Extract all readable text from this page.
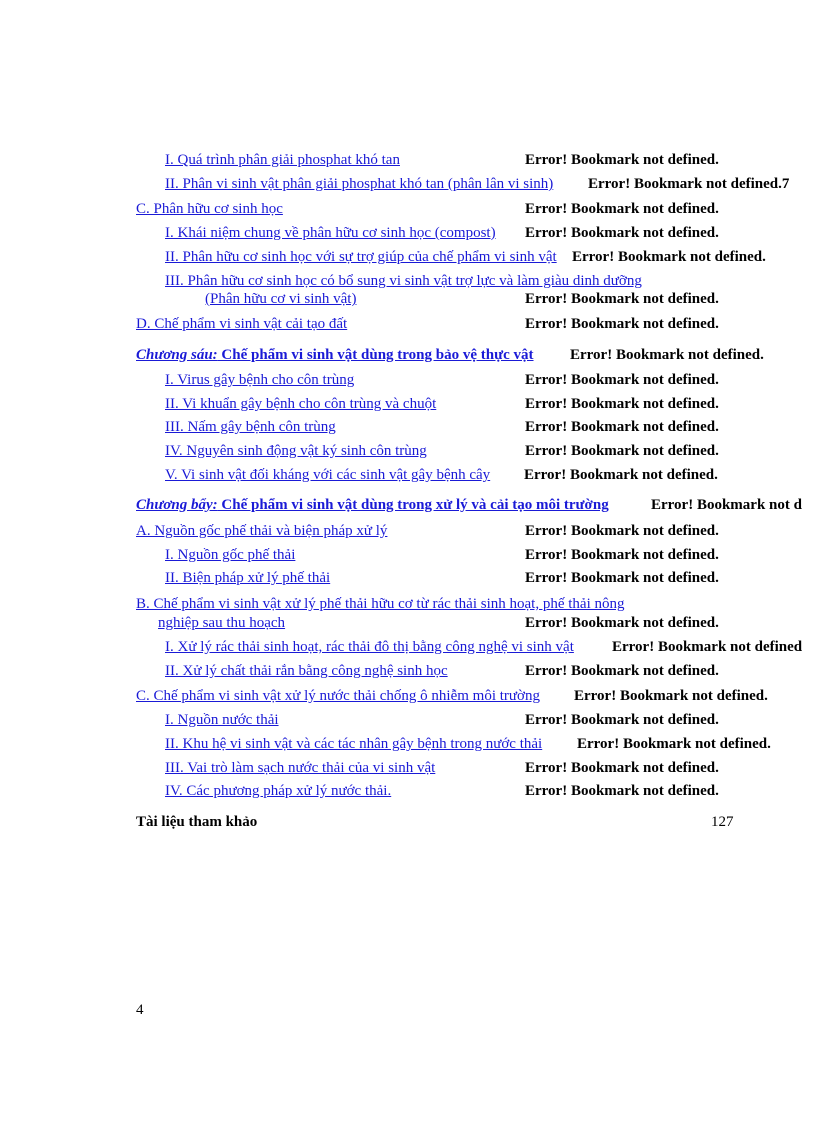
I. Quá trình phân giải phosphat khó tan	Error! Bookmark not defined.
II. Phân vi sinh vật phân giải phosphat khó tan (phân lân vi sinh) Error! Bookmark not defined.7
C. Phân hữu cơ sinh học	Error! Bookmark not defined.
I. Khái niệm chung về phân hữu cơ sinh học (compost) Error! Bookmark not defined.
II. Phân hữu cơ sinh học với sự trợ giúp của chế phẩm vi sinh vật Error! Bookmark not defined.
III. Phân hữu cơ sinh học có bổ sung vi sinh vật trợ lực và làm giàu dinh dưỡng
(Phân hữu cơ vi sinh vật)	Error! Bookmark not defined.
D. Chế phẩm vi sinh vật cải tạo đất	Error! Bookmark not defined.
Chương sáu: Chế phẩm vi sinh vật dùng trong bảo vệ thực vật Error! Bookmark not defined.
I. Virus gây bệnh cho côn trùng	Error! Bookmark not defined.
II. Vi khuẩn gây bệnh cho côn trùng và chuột	Error! Bookmark not defined.
III. Nấm gây bệnh côn trùng	Error! Bookmark not defined.
IV. Nguyên sinh động vật ký sinh côn trùng	Error! Bookmark not defined.
V. Vi sinh vật đối kháng với các sinh vật gây bệnh cây Error! Bookmark not defined.
Chương bẩy: Chế phẩm vi sinh vật dùng trong xử lý và cải tạo môi trường	Error! Bookmark not d
A. Nguồn gốc phế thải và biện pháp xử lý	Error! Bookmark not defined.
I. Nguồn gốc phế thải	Error! Bookmark not defined.
II. Biện pháp xử lý phế thải	Error! Bookmark not defined.
B. Chế phẩm vi sinh vật xử lý phế thải hữu cơ từ rác thải sinh hoạt, phế thải nông
nghiệp sau thu hoạch	Error! Bookmark not defined.
I. Xử lý rác thải sinh hoạt, rác thải đô thị bằng công nghệ vi sinh vật	Error! Bookmark not defined
II. Xử lý chất thải rắn bằng công nghệ sinh học	Error! Bookmark not defined.
C. Chế phẩm vi sinh vật xử lý nước thải chống ô nhiễm môi trường Error! Bookmark not defined.
I. Nguồn nước thải	Error! Bookmark not defined.
II. Khu hệ vi sinh vật và các tác nhân gây bệnh trong nước thải Error! Bookmark not defined.
III. Vai trò làm sạch nước thải của vi sinh vật	Error! Bookmark not defined.
IV. Các phương pháp xử lý nước thải.	Error! Bookmark not defined.
Tài liệu tham khảo	127
4
